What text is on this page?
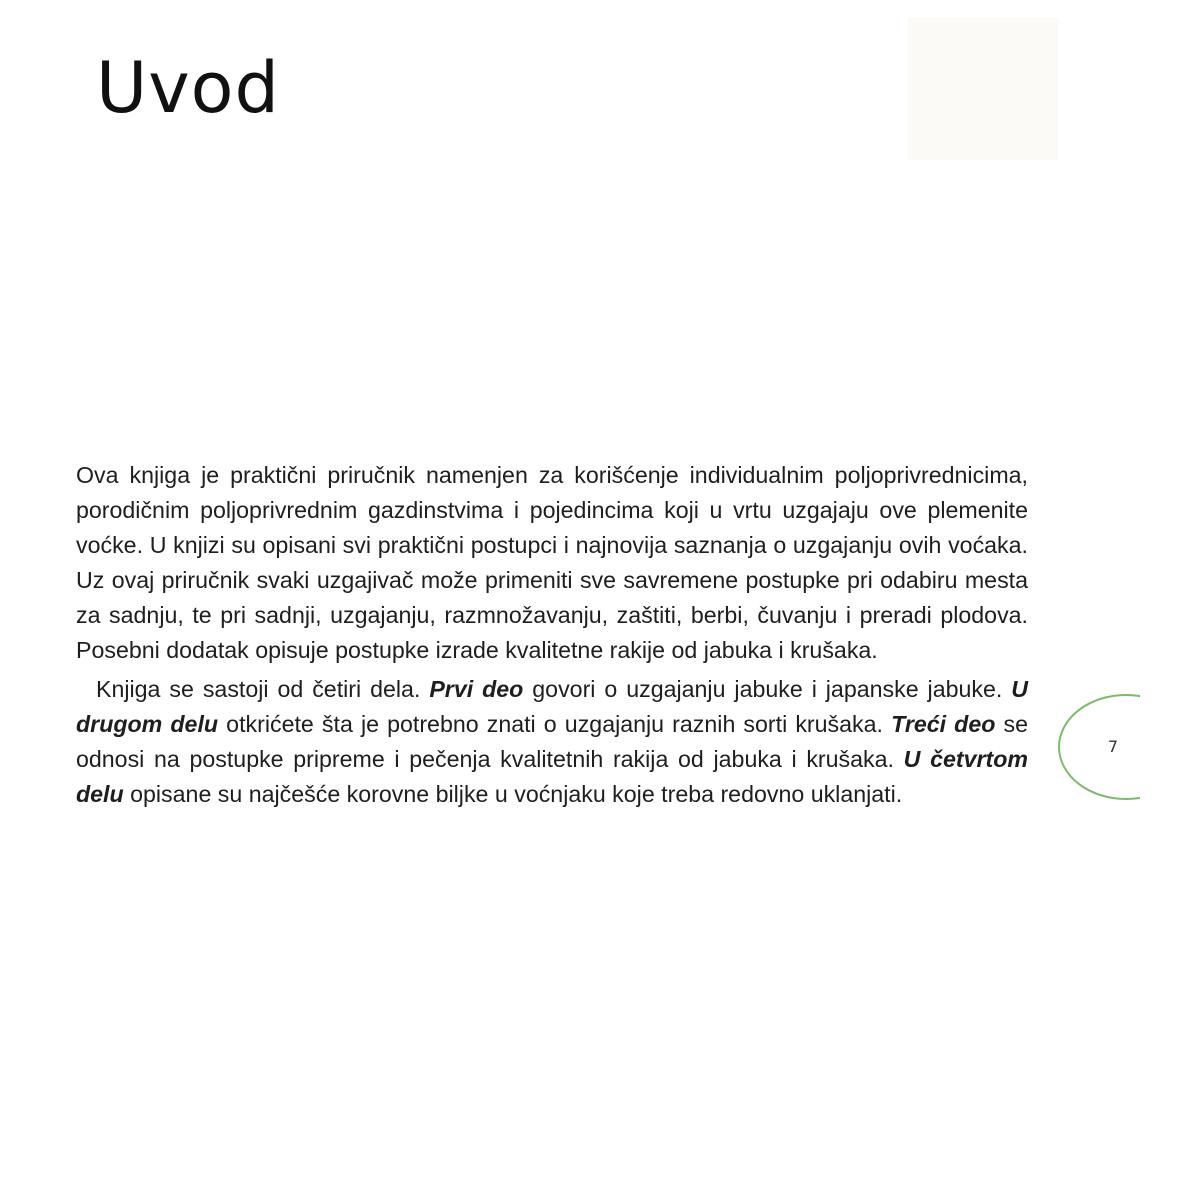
Uvod

Ova knjiga je praktični priručnik namenjen za korišćenje individualnim poljoprivrednicima, porodičnim poljoprivrednim gazdinstvima i pojedincima koji u vrtu uzgajaju ove plemenite voćke. U knjizi su opisani svi praktični postupci i najnovija saznanja o uzgajanju ovih voćaka. Uz ovaj priručnik svaki uzgajivač može primeniti sve savremene postupke pri odabiru mesta za sadnju, te pri sadnji, uzgajanju, razmnožavanju, zaštiti, berbi, čuvanju i preradi plodova. Posebni dodatak opisuje postupke izrade kvalitetne rakije od jabuka i krušaka.

Knjiga se sastoji od četiri dela. Prvi deo govori o uzgajanju jabuke i japanske jabuke. U drugom delu otkrićete šta je potrebno znati o uzgajanju raznih sorti krušaka. Treći deo se odnosi na postupke pripreme i pečenja kvalitetnih rakija od jabuka i krušaka. U četvrtom delu opisane su najčešće korovne biljke u voćnjaku koje treba redovno uklanjati.

7
